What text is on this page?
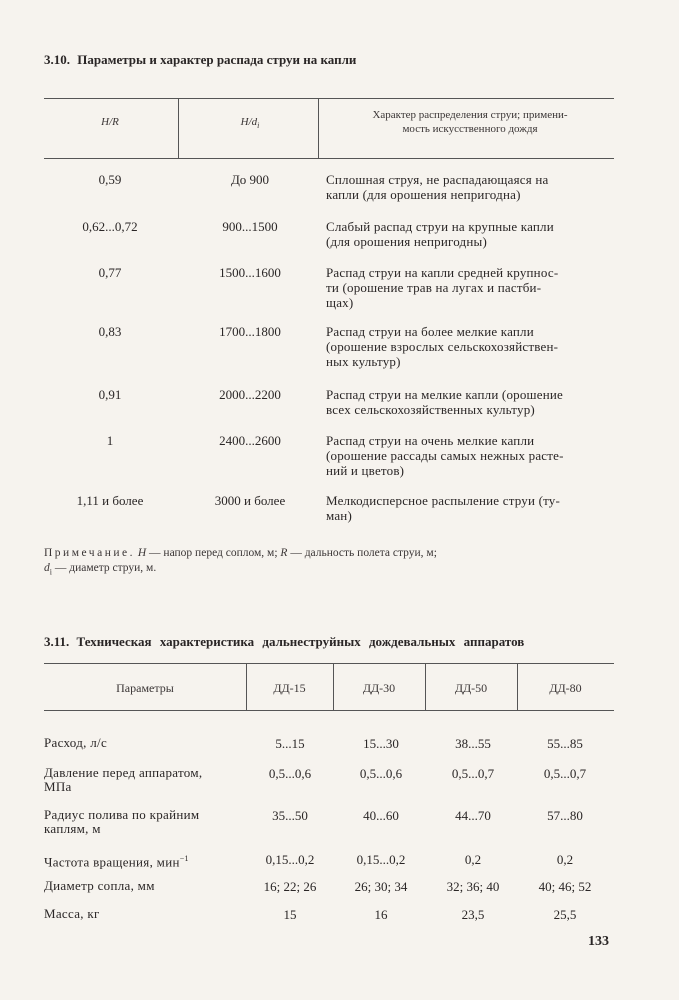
3.10. Параметры и характер распада струи на капли
H/R	$H/d_i$
Характер распределения струи; примени-
мость искусственного дождя
0,59	До 900	Сплошная струя, не распадающаяся на
капли (для орошения непригодна)
0,62...0,72	900...1500	Слабый распад струи на крупные капли
(для орошения непригодны)
0,77	1500...1600	Распад струи на капли средней крупнос-
ти (орошение трав на лугах и пастби-
щах)
0,83	1700...1800	Распад струи на более мелкие капли
(орошение взрослых сельскохозяйствен-
ных культур)
0,91	2000...2200	Распад струи на мелкие капли (орошение
всех сельскохозяйственных культур)
1	2400...2600	Распад струи на очень мелкие капли
(орошение рассады самых нежных расте-
ний и цветов)
1,11 и более	3000 и более	Мелкодисперсное распыление струи (ту-
ман)
Примечание. H — напор перед соплом, м; R — дальность полета струи, м;
$d_i$ — диаметр струи, м.
3.11. Техническая характеристика дальнеструйных дождевальных аппаратов
Параметры	ДД-15	ДД-30	ДД-50	ДД-80
Расход, л/с	5...15	15...30	38...55	55...85
Давление перед аппаратом,
МПа
0,5...0,6	0,5...0,6	0,5...0,7	0,5...0,7
Радиус полива по крайним
каплям, м
35...50	40...60	44...70	57...80
Частота вращения, мин$^{-1}$	0,15...0,2	0,15...0,2	0,2	0,2
Диаметр сопла, мм	16; 22; 26	26; 30; 34	32; 36; 40	40; 46; 52
Масса, кг	15	16	23,5	25,5
133
